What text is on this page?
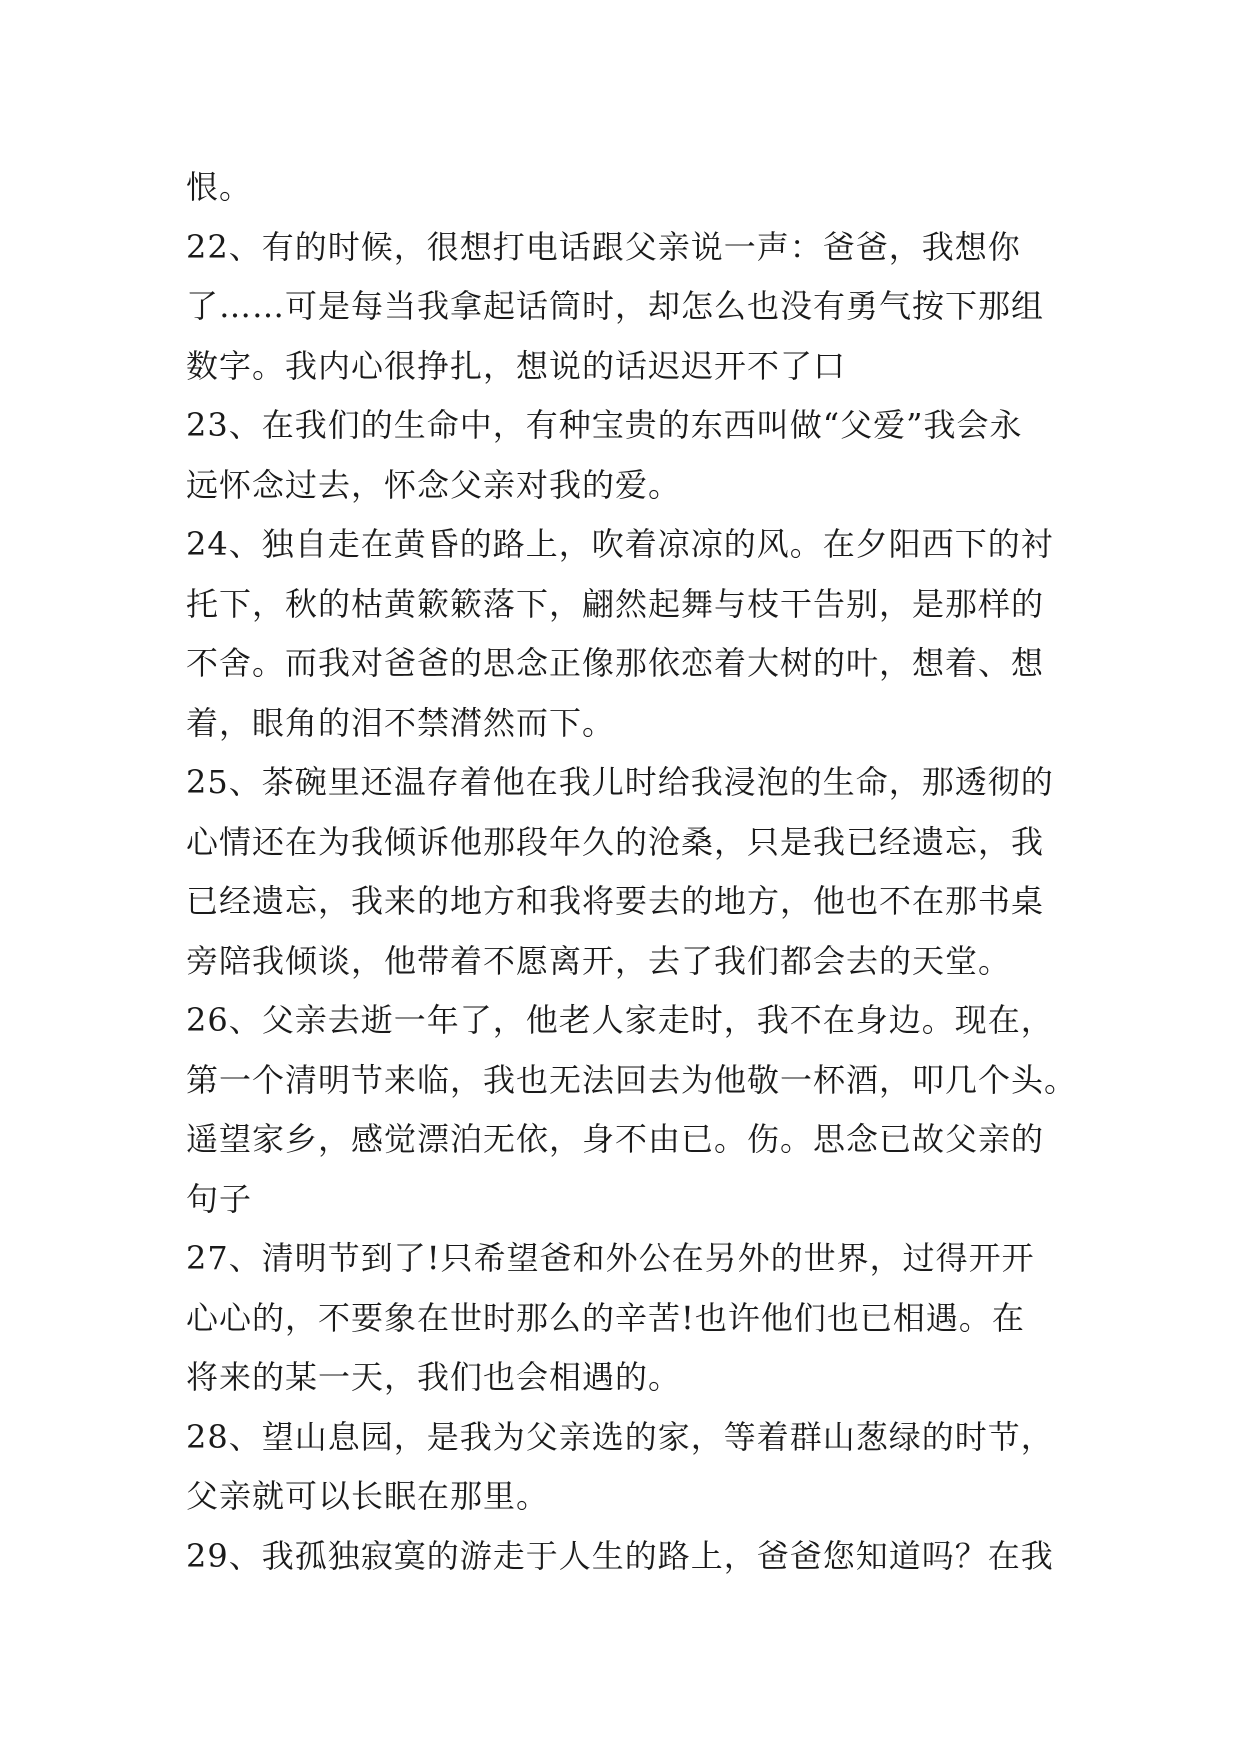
恨。
22、有的时候，很想打电话跟父亲说一声：爸爸，我想你
了……可是每当我拿起话筒时，却怎么也没有勇气按下那组
数字。我内心很挣扎，想说的话迟迟开不了口
23、在我们的生命中，有种宝贵的东西叫做“父爱”我会永
远怀念过去，怀念父亲对我的爱。
24、独自走在黄昏的路上，吹着凉凉的风。在夕阳西下的衬
托下，秋的枯黄簌簌落下，翩然起舞与枝干告别，是那样的
不舍。而我对爸爸的思念正像那依恋着大树的叶，想着、想
着，眼角的泪不禁潸然而下。
25、茶碗里还温存着他在我儿时给我浸泡的生命，那透彻的
心情还在为我倾诉他那段年久的沧桑，只是我已经遗忘，我
已经遗忘，我来的地方和我将要去的地方，他也不在那书桌
旁陪我倾谈，他带着不愿离开，去了我们都会去的天堂。
26、父亲去逝一年了，他老人家走时，我不在身边。现在，
第一个清明节来临，我也无法回去为他敬一杯酒，叩几个头。
遥望家乡，感觉漂泊无依，身不由已。伤。思念已故父亲的
句子
27、清明节到了!只希望爸和外公在另外的世界，过得开开
心心的，不要象在世时那么的辛苦!也许他们也已相遇。在
将来的某一天，我们也会相遇的。
28、望山息园，是我为父亲选的家，等着群山葱绿的时节，
父亲就可以长眠在那里。
29、我孤独寂寞的游走于人生的路上，爸爸您知道吗？在我
